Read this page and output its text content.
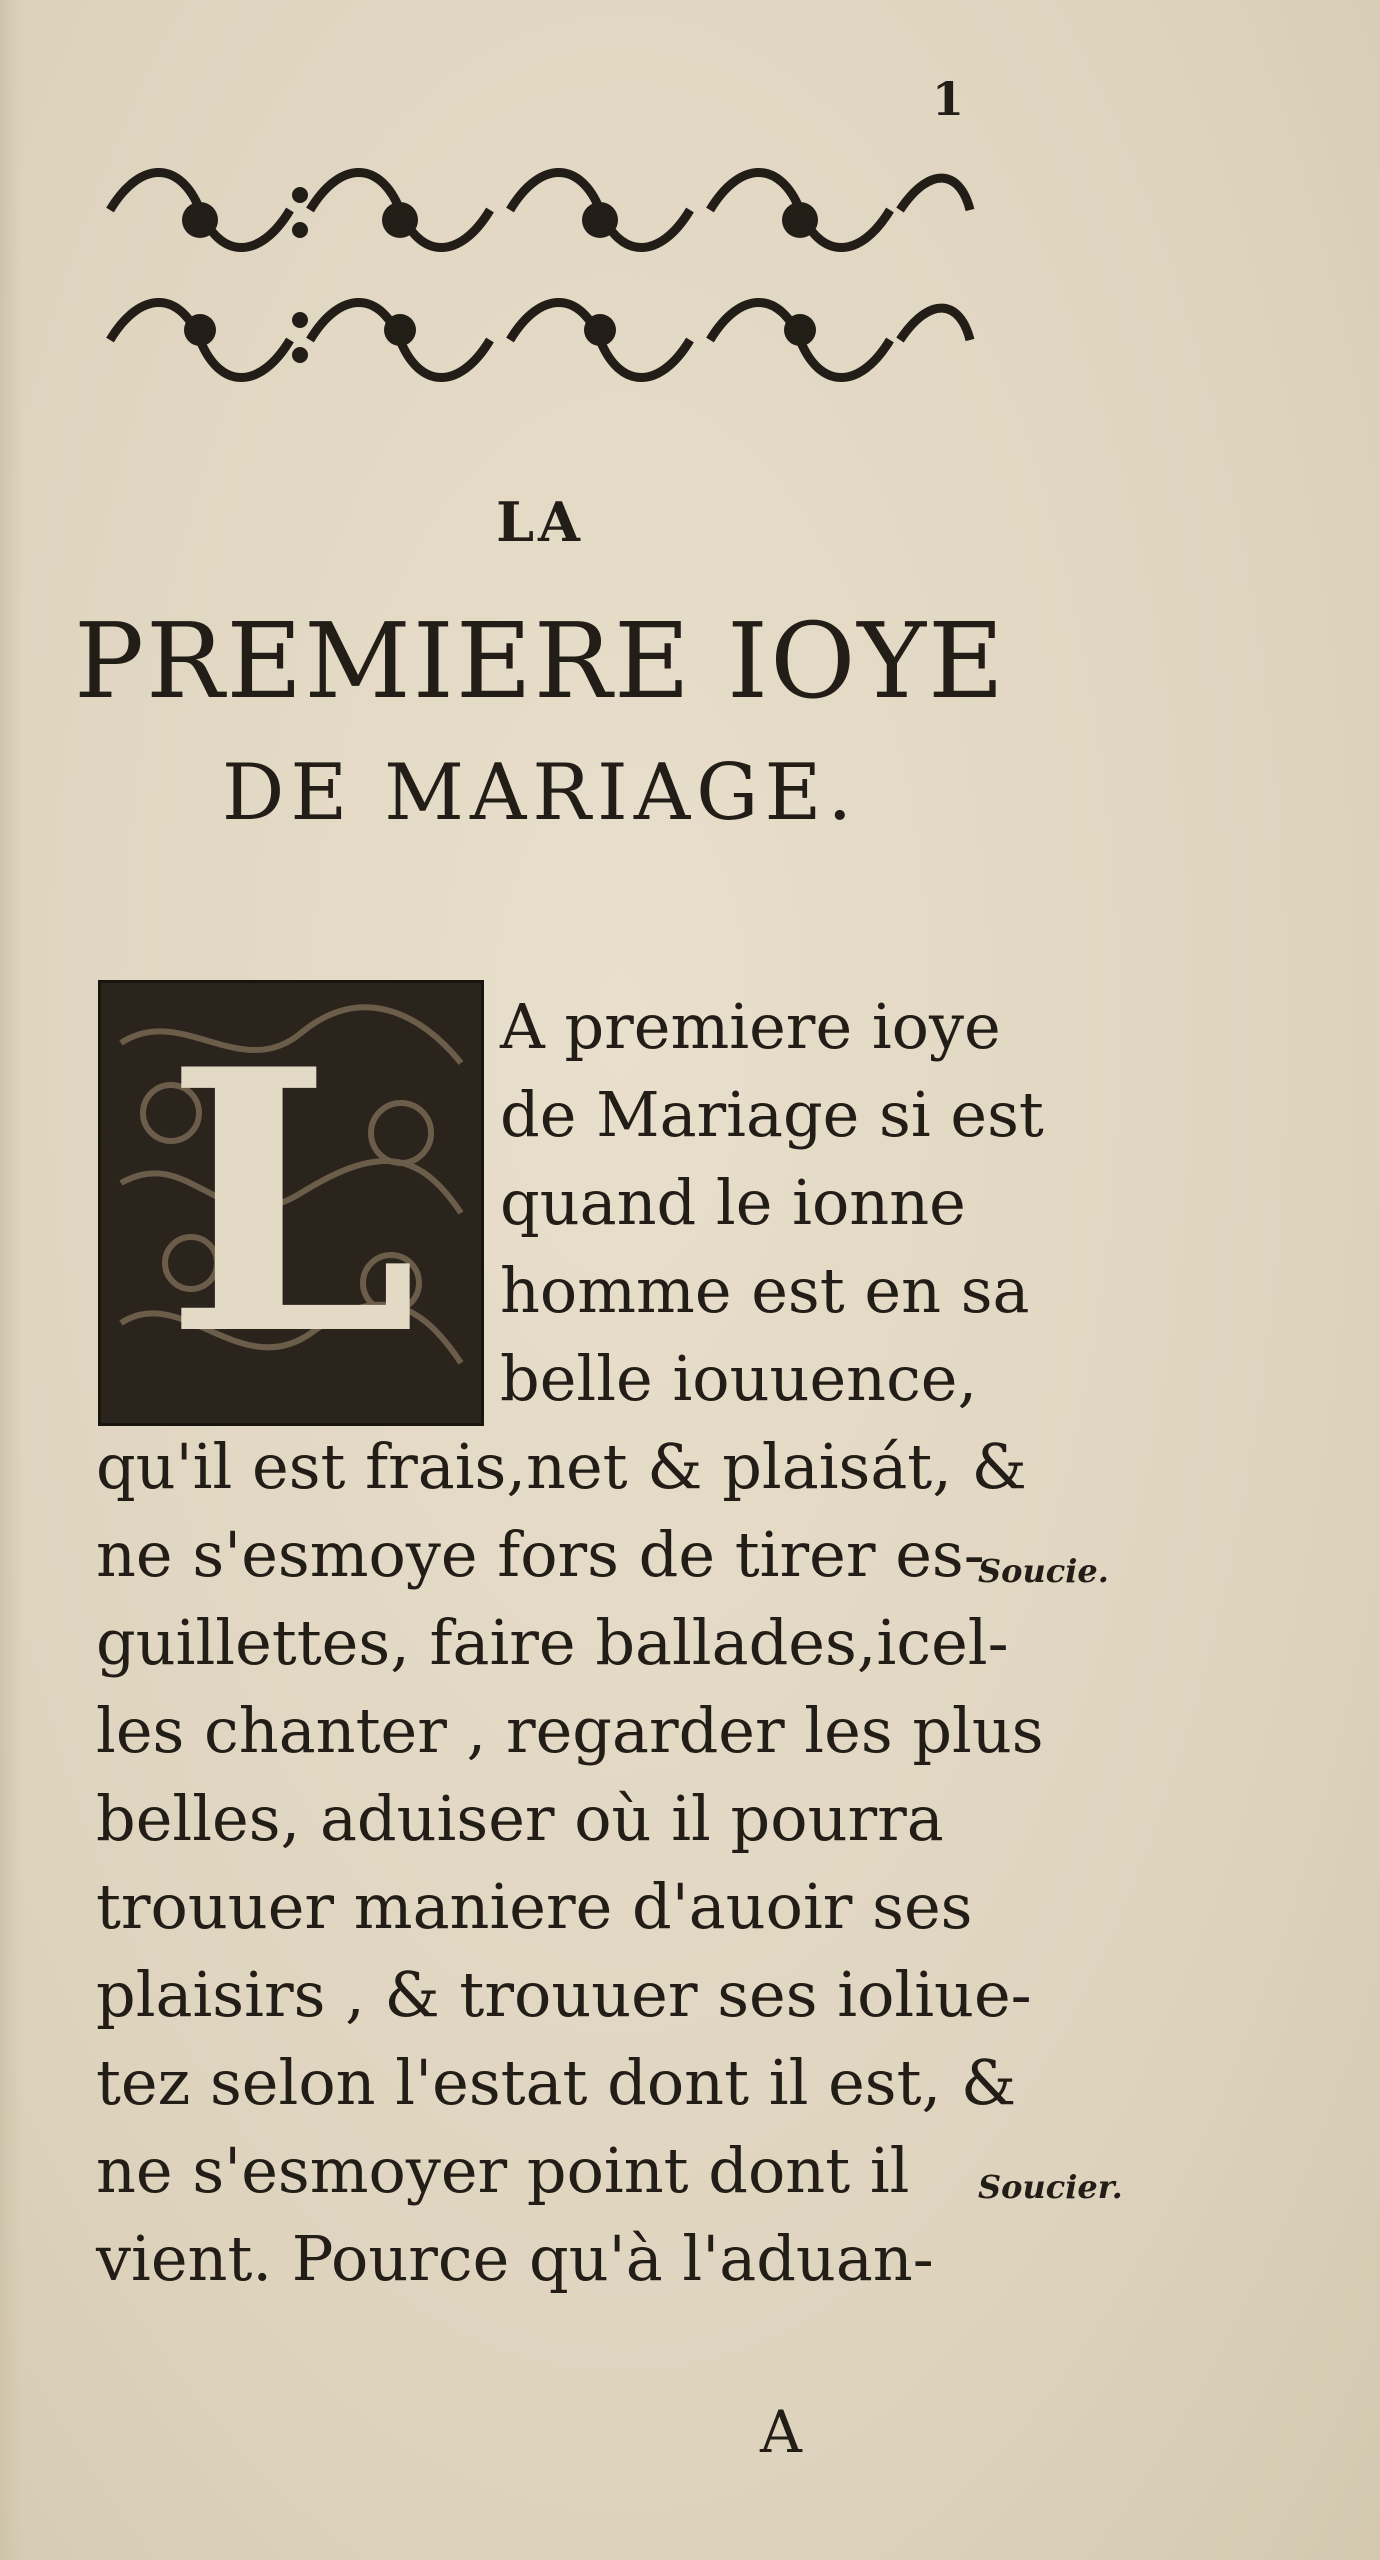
1
LA
PREMIERE IOYE
DE MARIAGE.
L	A premiere ioye
de Mariage si est
quand le ionne
homme est en sa
belle iouuence,
qu'il est frais,net & plaisát, &
ne s'esmoye fors de tirer es-
guillettes, faire ballades,icel-
les chanter , regarder les plus
belles, aduiser où il pourra
trouuer maniere d'auoir ses
plaisirs , & trouuer ses ioliue-
tez selon l'estat dont il est, &
ne s'esmoyer point dont il
vient. Pource qu'à l'aduan-
Soucie.
Soucier.
A
